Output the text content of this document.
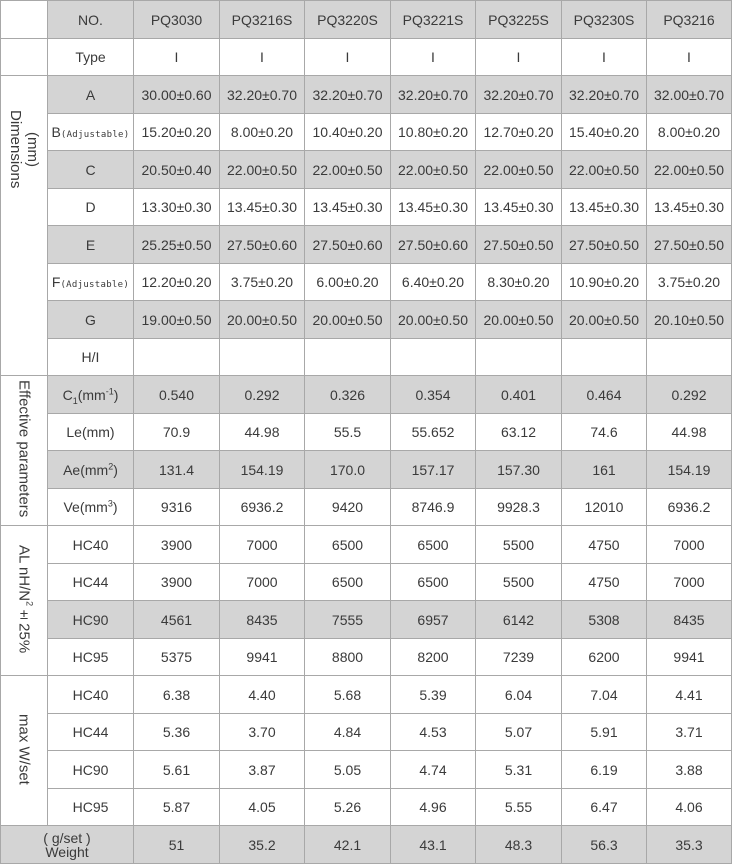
	NO.	PQ3030	PQ3216S	PQ3220S	PQ3221S	PQ3225S	PQ3230S	PQ3216
	Type	I	I	I	I	I	I	I
(mm)
Dimensions	A	30.00±0.60	32.20±0.70	32.20±0.70	32.20±0.70	32.20±0.70	32.20±0.70	32.00±0.70
	B(Adjustable)	15.20±0.20	8.00±0.20	10.40±0.20	10.80±0.20	12.70±0.20	15.40±0.20	8.00±0.20
	C	20.50±0.40	22.00±0.50	22.00±0.50	22.00±0.50	22.00±0.50	22.00±0.50	22.00±0.50
	D	13.30±0.30	13.45±0.30	13.45±0.30	13.45±0.30	13.45±0.30	13.45±0.30	13.45±0.30
	E	25.25±0.50	27.50±0.60	27.50±0.60	27.50±0.60	27.50±0.50	27.50±0.50	27.50±0.50
	F(Adjustable)	12.20±0.20	3.75±0.20	6.00±0.20	6.40±0.20	8.30±0.20	10.90±0.20	3.75±0.20
	G	19.00±0.50	20.00±0.50	20.00±0.50	20.00±0.50	20.00±0.50	20.00±0.50	20.10±0.50
	H/I							
Effective parameters	$C_1(mm^{-1})$	0.540	0.292	0.326	0.354	0.401	0.464	0.292
	Le(mm)	70.9	44.98	55.5	55.652	63.12	74.6	44.98
	$Ae(mm^2)$	131.4	154.19	170.0	157.17	157.30	161	154.19
	$Ve(mm^3)$	9316	6936.2	9420	8746.9	9928.3	12010	6936.2
AL $nH/N^2\pm 25\%$	HC40	3900	7000	6500	6500	5500	4750	7000
	HC44	3900	7000	6500	6500	5500	4750	7000
	HC90	4561	8435	7555	6957	6142	5308	8435
	HC95	5375	9941	8800	8200	7239	6200	9941
max W/set	HC40	6.38	4.40	5.68	5.39	6.04	7.04	4.41
	HC44	5.36	3.70	4.84	4.53	5.07	5.91	3.71
	HC90	5.61	3.87	5.05	4.74	5.31	6.19	3.88
	HC95	5.87	4.05	5.26	4.96	5.55	6.47	4.06
( g/set )
Weight		51	35.2	42.1	43.1	48.3	56.3	35.3
